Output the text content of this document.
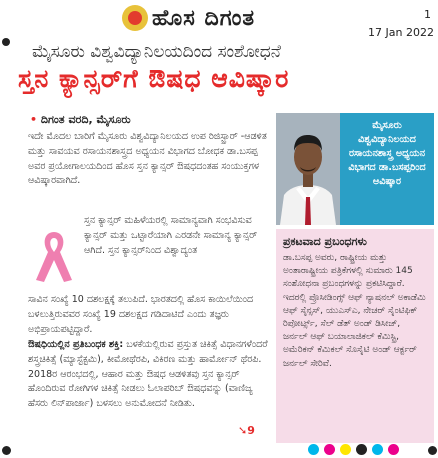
ಹೊಸ ದಿಗಂತ	1
17 Jan 2022
ಮೈಸೂರು ವಿಶ್ವವಿದ್ಯಾನಿಲಯದಿಂದ ಸಂಶೋಧನೆ
ಸ್ತನ ಕ್ಯಾನ್ಸರ್‌ಗೆ ಔಷಧ ಆವಿಷ್ಕಾರ
• ದಿಗಂತ ವರದಿ, ಮೈಸೂರು
ಇದೇ ಮೊದಲ ಬಾರಿಗೆ ಮೈಸೂರು ವಿಶ್ವವಿದ್ಯಾನಿಲಯದ ಉಪ ರಿಜಿಸ್ಟ್ರಾರ್ -ಆಡಳಿತ ಮತ್ತು ಸಾವಯವ ರಸಾಯನಶಾಸ್ತ್ರದ ಅಧ್ಯಯನ ವಿಭಾಗದ ಬೋಧಕ ಡಾ.ಬಸಪ್ಪ ಅವರ ಪ್ರಯೋಗಾಲಯದಿಂದ ಹೊಸ ಸ್ತನ ಕ್ಯಾನ್ಸರ್ ಔಷಧದಂತಹ ಸಂಯುಕ್ತಗಳ ಆವಿಷ್ಕಾರವಾಗಿದೆ.
ಸ್ತನ ಕ್ಯಾನ್ಸರ್ ಮಹಿಳೆಯರಲ್ಲಿ ಸಾಮಾನ್ಯವಾಗಿ ಸಂಭವಿಸುವ ಕ್ಯಾನ್ಸರ್ ಮತ್ತು ಒಟ್ಟಾರೆಯಾಗಿ ಎರಡನೇ ಸಾಮಾನ್ಯ ಕ್ಯಾನ್ಸರ್ ಆಗಿದೆ. ಸ್ತನ ಕ್ಯಾನ್ಸರ್‌ನಿಂದ ವಿಶ್ವಾದ್ಯಂತ
ಸಾವಿನ ಸಂಖ್ಯೆ 10 ದಶಲಕ್ಷಕ್ಕೆ ತಲುಪಿದೆ. ಭಾರತದಲ್ಲಿ ಹೊಸ ಕಾಯಿಲೆಯಿಂದ ಬಳಲುತ್ತಿರುವವರ ಸಂಖ್ಯೆ 19 ದಶಲಕ್ಷದ ಗಡಿದಾಟಿದೆ ಎಂದು ತಜ್ಞರು ಅಭಿಪ್ರಾಯಪಟ್ಟಿದ್ದಾರೆ.
ಔಷಧಿಯಲ್ಲಿನ ಪ್ರತಿಬಂಧಕ ಶಕ್ತಿ: ಬಳಕೆಯಲ್ಲಿರುವ ಪ್ರಸ್ತುತ ಚಿಕಿತ್ಸೆ ವಿಧಾನಗಳೆಂದರೆ ಶಸ್ತ್ರಚಿಕಿತ್ಸೆ (ಮ್ಯಾಸ್ಟೆಕ್ಟಮಿ), ಕೀಮೋಥೆರಪಿ, ವಿಕಿರಣ ಮತ್ತು ಹಾರ್ಮೋನ್ ಥೆರಪಿ. 2018ರ ಆರಂಭದಲ್ಲಿ, ಆಹಾರ ಮತ್ತು ಔಷಧ ಆಡಳಿತವು ಸ್ತನ ಕ್ಯಾನ್ಸರ್ ಹೊಂದಿರುವ ರೋಗಿಗಳ ಚಿಕಿತ್ಸೆ ನೀಡಲು ಓಲಾಪರಿಬ್ ಔಷಧವನ್ನು (ವಾಣಿಜ್ಯ ಹೆಸರು ಲಿನ್‌ಪಾರ್ಜಾ) ಬಳಸಲು ಅನುಮೋದನೆ ನೀಡಿತು.
ಮೈಸೂರು ವಿಶ್ವವಿದ್ಯಾನಿಲಯದ ರಸಾಯನಶಾಸ್ತ್ರ ಅಧ್ಯಯನ ವಿಭಾಗದ ಡಾ.ಬಸಪ್ಪರಿಂದ ಆವಿಷ್ಕಾರ
ಪ್ರಕಟವಾದ ಪ್ರಬಂಧಗಳು
ಡಾ.ಬಸಪ್ಪ ಅವರು, ರಾಷ್ಟ್ರೀಯ ಮತ್ತು ಅಂತಾರಾಷ್ಟ್ರೀಯ ಪತ್ರಿಕೆಗಳಲ್ಲಿ ಸುಮಾರು 145 ಸಂಶೋಧನಾ ಪ್ರಬಂಧಗಳನ್ನು ಪ್ರಕಟಿಸಿದ್ದಾರೆ. ಇದರಲ್ಲಿ ಪ್ರೊಸೀಡಿಂಗ್ಸ್ ಆಫ್ ನ್ಯಾಷನಲ್ ಅಕಾಡೆಮಿ ಆಫ್ ಸೈನ್ಸಸ್, ಯುಎಸ್‌ಎ, ನೇಚರ್ ಸೈಂಟಿಫಿಕ್ ರಿಪೋರ್ಟ್ಸ್, ಸೆಲ್ ಡೆತ್ ಅಂಡ್ ಡಿಸೀಜ್, ಜರ್ನಲ್ ಆಫ್ ಬಯಾಲಾಜಿಕಲ್ ಕೆಮಿಸ್ಟ್ರಿ, ಅಮೆರಿಕನ್ ಕೆಮಿಕಲ್ ಸೊಸೈಟಿ ಅಂಡ್ ಆರ್ಕ್ಟರ್ ಜರ್ನಲ್‌ ಸೇರಿವೆ.
➘9
